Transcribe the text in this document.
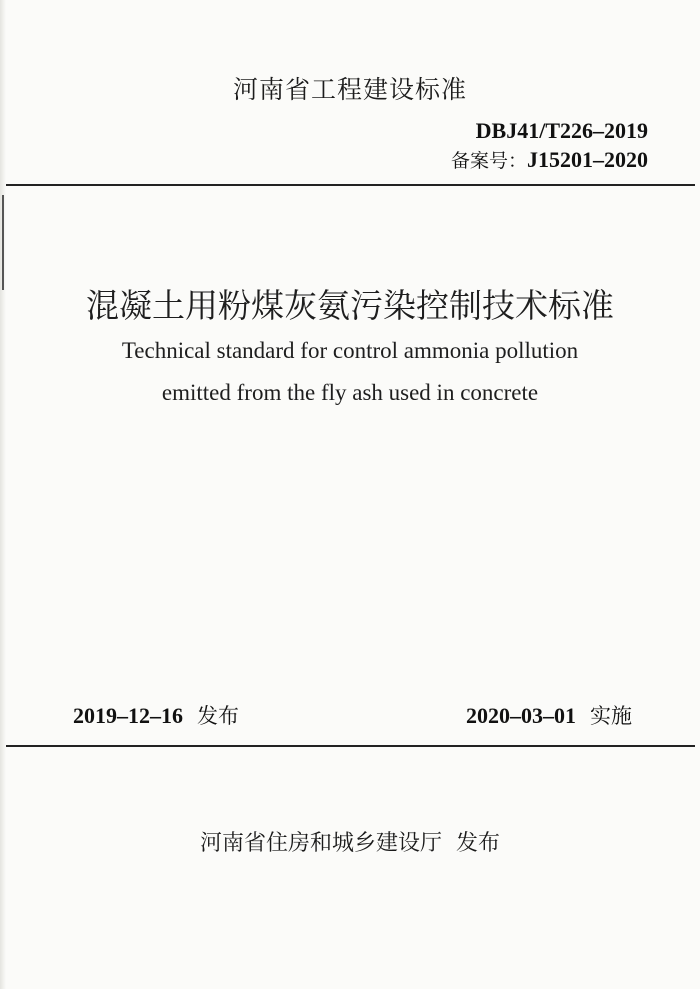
河南省工程建设标准
DBJ41/T226–2019
备案号：J15201–2020
混凝土用粉煤灰氨污染控制技术标准
Technical standard for control ammonia pollution
emitted from the fly ash used in concrete
2019–12–16 发布	2020–03–01 实施
河南省住房和城乡建设厅  发布
